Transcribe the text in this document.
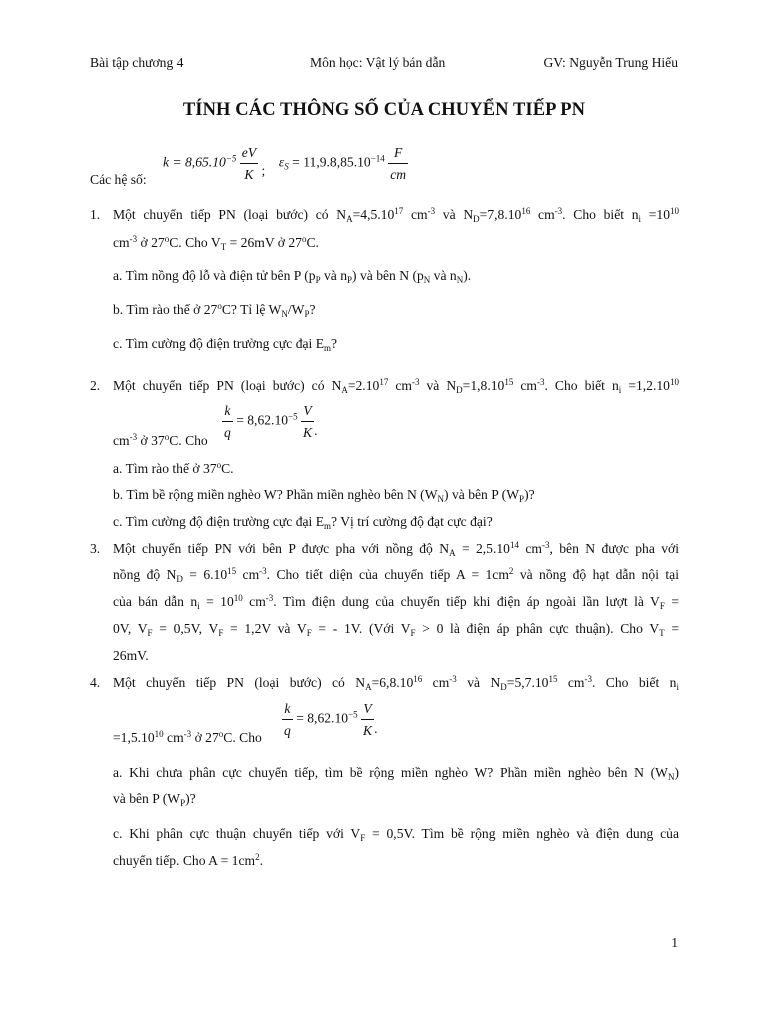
Bài tập chương 4	Môn học: Vật lý bán dẫn	GV: Nguyễn Trung Hiếu
TÍNH CÁC THÔNG SỐ CỦA CHUYỂN TIẾP PN
Các hệ số:
$k = 8,65.10^{-5} \frac{eV}{K}$ ;    $\varepsilon_S = 11,9.8,85.10^{-14} \frac{F}{cm}$
1. Một chuyển tiếp PN (loại bước) có $N_A=4,5.10^{17}$ $cm^{-3}$ và $N_D=7,8.10^{16}$ $cm^{-3}$. Cho biết $n_i =10^{10}$
$cm^{-3}$ ở 27$^o$C. Cho $V_T = 26mV$ ở 27$^o$C.
a. Tìm nồng độ lỗ và điện tử bên P ($p_P$ và $n_P$) và bên N ($p_N$ và $n_N$).
b. Tìm rào thế ở 27$^o$C? Tỉ lệ $W_N/W_P$?
c. Tìm cường độ điện trường cực đại $E_m$?
2. Một chuyển tiếp PN (loại bước) có $N_A=2.10^{17}$ $cm^{-3}$ và $N_D=1,8.10^{15}$ $cm^{-3}$. Cho biết $n_i =1,2.10^{10}$
$\frac{k}{q} = 8,62.10^{-5} \frac{V}{K}$ .
$cm^{-3}$ ở 37$^o$C. Cho
a. Tìm rào thế ở 37$^o$C.
b. Tìm bề rộng miền nghèo W? Phần miền nghèo bên N $(W_N)$ và bên P $(W_P)$?
c. Tìm cường độ điện trường cực đại $E_m$? Vị trí cường độ đạt cực đại?
3. Một chuyển tiếp PN với bên P được pha với nồng độ $N_A = 2,5.10^{14}$ $cm^{-3}$, bên N được pha với
nồng độ $N_D = 6.10^{15}$ $cm^{-3}$. Cho tiết diện của chuyển tiếp $A = 1cm^2$ và nồng độ hạt dẫn nội tại
của bán dẫn $n_i = 10^{10}$ $cm^{-3}$. Tìm điện dung của chuyển tiếp khi điện áp ngoài lần lượt là $V_F$ =
0V, $V_F = 0,5V$, $V_F = 1,2V$ và $V_F$ = - 1V. (Với $V_F > 0$ là điện áp phân cực thuận). Cho $V_T$ =
26mV.
4. Một chuyển tiếp PN (loại bước) có $N_A=6,8.10^{16}$ $cm^{-3}$ và $N_D=5,7.10^{15}$ $cm^{-3}$. Cho biết $n_i$
$\frac{k}{q} = 8,62.10^{-5} \frac{V}{K}$ .
$=1,5.10^{10}$ $cm^{-3}$ ở 27$^o$C. Cho
a. Khi chưa phân cực chuyển tiếp, tìm bề rộng miền nghèo W? Phần miền nghèo bên N $(W_N)$
và bên P $(W_P)$?
c. Khi phân cực thuận chuyển tiếp với $V_F = 0,5V$. Tìm bề rộng miền nghèo và điện dung của
chuyển tiếp. Cho $A = 1cm^2$.
1
